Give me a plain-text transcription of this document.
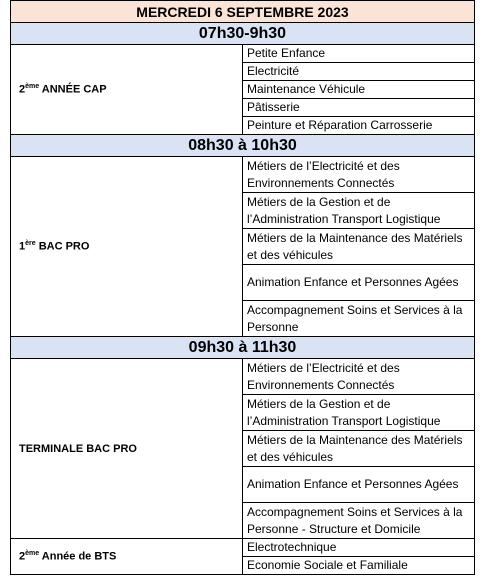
MERCREDI 6 SEPTEMBRE 2023	
07h30-9h30	
2ème ANNÉE CAP	Petite Enfance
	Electricité
	Maintenance Véhicule
	Pâtisserie
	Peinture et Réparation Carrosserie
08h30 à 10h30	
1ère BAC PRO	Métiers de l’Electricité et des Environnements Connectés
	Métiers de la Gestion et de l’Administration Transport Logistique
	Métiers de la Maintenance des Matériels et des véhicules
	Animation Enfance et Personnes Agées
	Accompagnement Soins et Services à la Personne
09h30 à 11h30	
TERMINALE BAC PRO	Métiers de l’Electricité et des Environnements Connectés
	Métiers de la Gestion et de l’Administration Transport Logistique
	Métiers de la Maintenance des Matériels et des véhicules
	Animation Enfance et Personnes Agées
	Accompagnement Soins et Services à la Personne - Structure et Domicile
2ème Année de BTS	Electrotechnique
	Economie Sociale et Familiale
